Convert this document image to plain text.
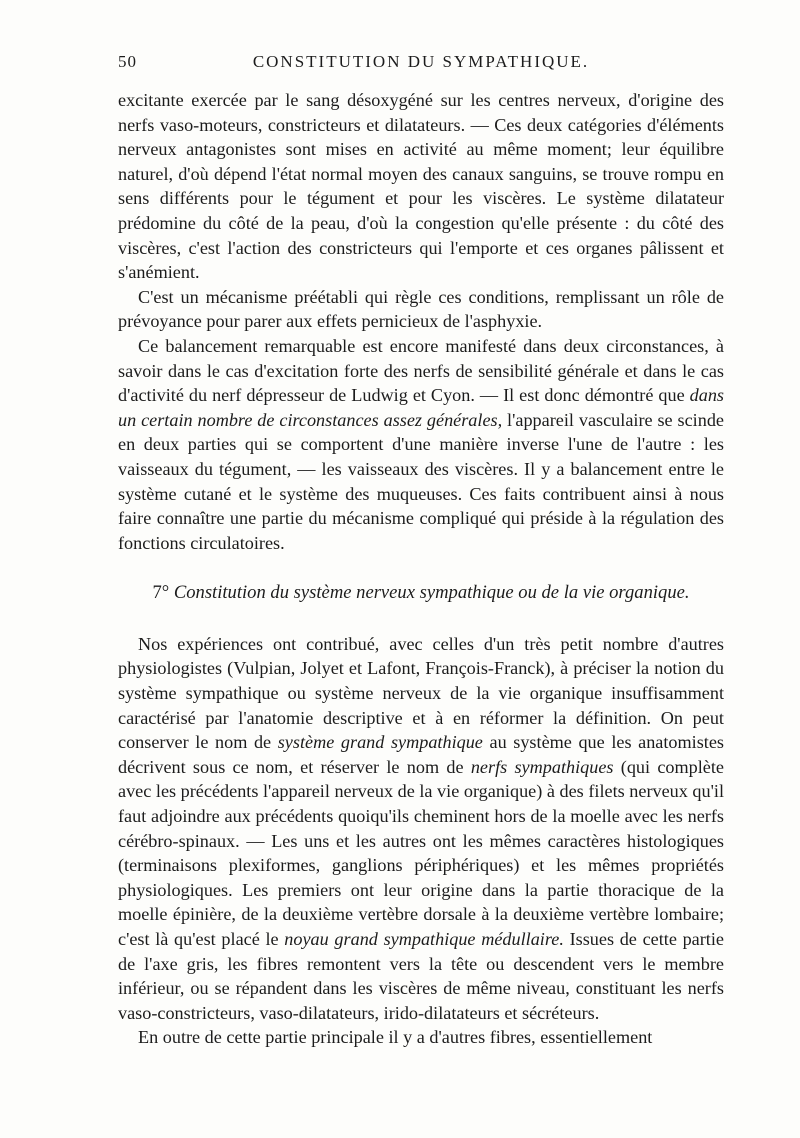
50	CONSTITUTION DU SYMPATHIQUE.

excitante exercée par le sang désoxygéné sur les centres nerveux, d'origine des nerfs vaso-moteurs, constricteurs et dilatateurs. — Ces deux catégories d'éléments nerveux antagonistes sont mises en activité au même moment; leur équilibre naturel, d'où dépend l'état normal moyen des canaux sanguins, se trouve rompu en sens différents pour le tégument et pour les viscères. Le système dilatateur prédomine du côté de la peau, d'où la congestion qu'elle présente : du côté des viscères, c'est l'action des constricteurs qui l'emporte et ces organes pâlissent et s'anémient.

C'est un mécanisme préétabli qui règle ces conditions, remplissant un rôle de prévoyance pour parer aux effets pernicieux de l'asphyxie.

Ce balancement remarquable est encore manifesté dans deux circonstances, à savoir dans le cas d'excitation forte des nerfs de sensibilité générale et dans le cas d'activité du nerf dépresseur de Ludwig et Cyon. — Il est donc démontré que dans un certain nombre de circonstances assez générales, l'appareil vasculaire se scinde en deux parties qui se comportent d'une manière inverse l'une de l'autre : les vaisseaux du tégument, — les vaisseaux des viscères. Il y a balancement entre le système cutané et le système des muqueuses. Ces faits contribuent ainsi à nous faire connaître une partie du mécanisme compliqué qui préside à la régulation des fonctions circulatoires.

7° Constitution du système nerveux sympathique ou de la vie organique.

Nos expériences ont contribué, avec celles d'un très petit nombre d'autres physiologistes (Vulpian, Jolyet et Lafont, François-Franck), à préciser la notion du système sympathique ou système nerveux de la vie organique insuffisamment caractérisé par l'anatomie descriptive et à en réformer la définition. On peut conserver le nom de système grand sympathique au système que les anatomistes décrivent sous ce nom, et réserver le nom de nerfs sympathiques (qui complète avec les précédents l'appareil nerveux de la vie organique) à des filets nerveux qu'il faut adjoindre aux précédents quoiqu'ils cheminent hors de la moelle avec les nerfs cérébro-spinaux. — Les uns et les autres ont les mêmes caractères histologiques (terminaisons plexiformes, ganglions périphériques) et les mêmes propriétés physiologiques. Les premiers ont leur origine dans la partie thoracique de la moelle épinière, de la deuxième vertèbre dorsale à la deuxième vertèbre lombaire; c'est là qu'est placé le noyau grand sympathique médullaire. Issues de cette partie de l'axe gris, les fibres remontent vers la tête ou descendent vers le membre inférieur, ou se répandent dans les viscères de même niveau, constituant les nerfs vaso-constricteurs, vaso-dilatateurs, irido-dilatateurs et sécréteurs.

En outre de cette partie principale il y a d'autres fibres, essentiellement
